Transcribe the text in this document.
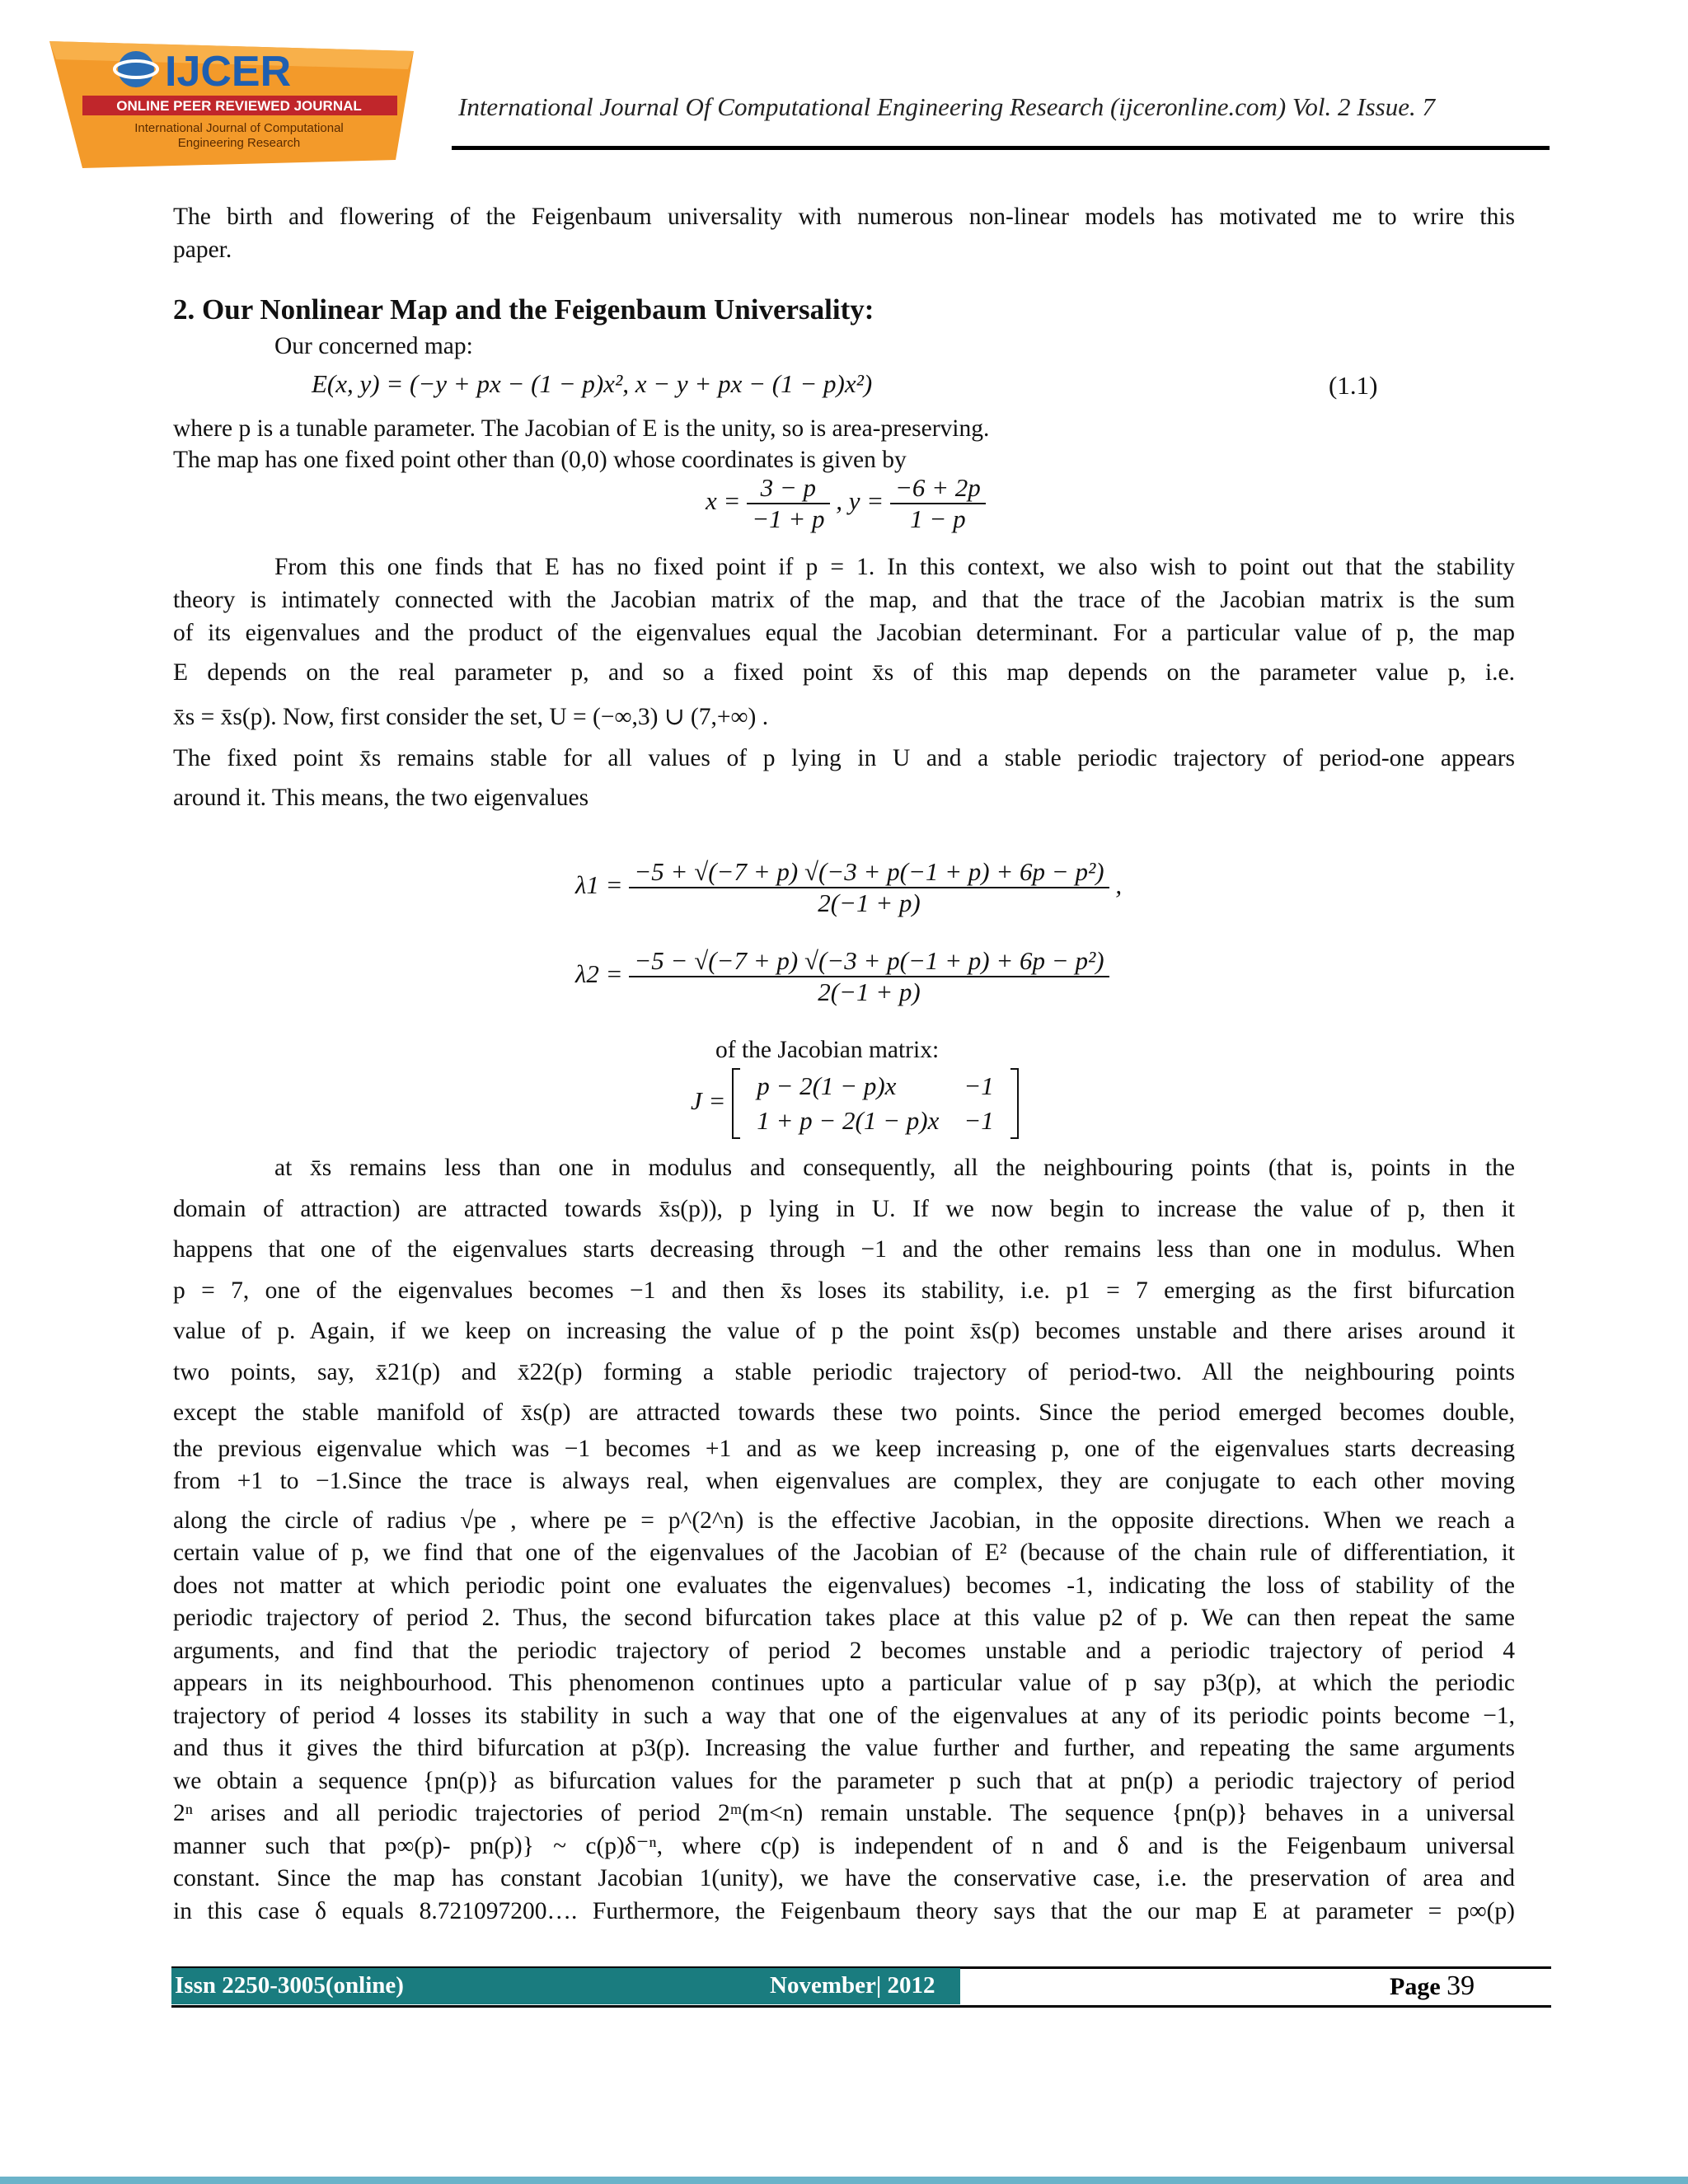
IJCER
ONLINE PEER REVIEWED JOURNAL
International Journal of Computational
Engineering Research
International Journal Of Computational Engineering Research (ijceronline.com) Vol. 2 Issue. 7
The birth and flowering of the Feigenbaum universality with numerous non-linear models has motivated me to wrire this
paper.
2. Our Nonlinear Map and the Feigenbaum Universality:
Our concerned map:
E(x, y) = (−y + px − (1 − p)x², x − y + px − (1 − p)x²)	(1.1)
where p is a tunable parameter. The Jacobian of E is the unity, so is area-preserving.
The map has one fixed point other than (0,0) whose coordinates is given by
$x = \frac{3 - p}{-1 + p}$ , $y = \frac{-6 + 2p}{1 - p}$
From this one finds that E has no fixed point if p = 1. In this context, we also wish to point out that the stability
theory is intimately connected with the Jacobian matrix of the map, and that the trace of the Jacobian matrix is the sum
of its eigenvalues and the product of the eigenvalues equal the Jacobian determinant. For a particular value of p, the map
E depends on the real parameter p, and so a fixed point x̄s of this map depends on the parameter value p, i.e.
x̄s = x̄s(p). Now, first consider the set, U = (−∞,3) ∪ (7,+∞) .
The fixed point x̄s remains stable for all values of p lying in U and a stable periodic trajectory of period-one appears
around it. This means, the two eigenvalues
$\lambda 1 = \frac{\text{−5 + √(−7 + p) √(−3 + p(−1 + p) + 6p − p²)}}{2(-1 + p)}$ ,
$\lambda 2 = \frac{\text{−5 − √(−7 + p) √(−3 + p(−1 + p) + 6p − p²)}}{2(-1 + p)}$
of the Jacobian matrix:
J = p − 2(1 − p)x	−1
1 + p − 2(1 − p)x	−1
at x̄s remains less than one in modulus and consequently, all the neighbouring points (that is, points in the
domain of attraction) are attracted towards x̄s(p)), p lying in U. If we now begin to increase the value of p, then it
happens that one of the eigenvalues starts decreasing through −1 and the other remains less than one in modulus. When
p = 7, one of the eigenvalues becomes −1 and then x̄s loses its stability, i.e. p1 = 7 emerging as the first bifurcation
value of p. Again, if we keep on increasing the value of p the point x̄s(p) becomes unstable and there arises around it
two points, say, x̄21(p) and x̄22(p) forming a stable periodic trajectory of period-two. All the neighbouring points
except the stable manifold of x̄s(p) are attracted towards these two points. Since the period emerged becomes double,
the previous eigenvalue which was −1 becomes +1 and as we keep increasing p, one of the eigenvalues starts decreasing
from +1 to −1.Since the trace is always real, when eigenvalues are complex, they are conjugate to each other moving
along the circle of radius √pe , where pe = p^(2^n) is the effective Jacobian, in the opposite directions. When we reach a
certain value of p, we find that one of the eigenvalues of the Jacobian of E² (because of the chain rule of differentiation, it
does not matter at which periodic point one evaluates the eigenvalues) becomes -1, indicating the loss of stability of the
periodic trajectory of period 2. Thus, the second bifurcation takes place at this value p2 of p. We can then repeat the same
arguments, and find that the periodic trajectory of period 2 becomes unstable and a periodic trajectory of period 4
appears in its neighbourhood. This phenomenon continues upto a particular value of p say p3(p), at which the periodic
trajectory of period 4 losses its stability in such a way that one of the eigenvalues at any of its periodic points become −1,
and thus it gives the third bifurcation at p3(p). Increasing the value further and further, and repeating the same arguments
we obtain a sequence {pn(p)} as bifurcation values for the parameter p such that at pn(p) a periodic trajectory of period
2ⁿ arises and all periodic trajectories of period 2ᵐ(m<n) remain unstable. The sequence {pn(p)} behaves in a universal
manner such that p∞(p)- pn(p)} ~ c(p)δ⁻ⁿ, where c(p) is independent of n and δ and is the Feigenbaum universal
constant. Since the map has constant Jacobian 1(unity), we have the conservative case, i.e. the preservation of area and
in this case δ equals 8.721097200…. Furthermore, the Feigenbaum theory says that the our map E at parameter = p∞(p)
Issn 2250-3005(online)	November| 2012	Page 39
